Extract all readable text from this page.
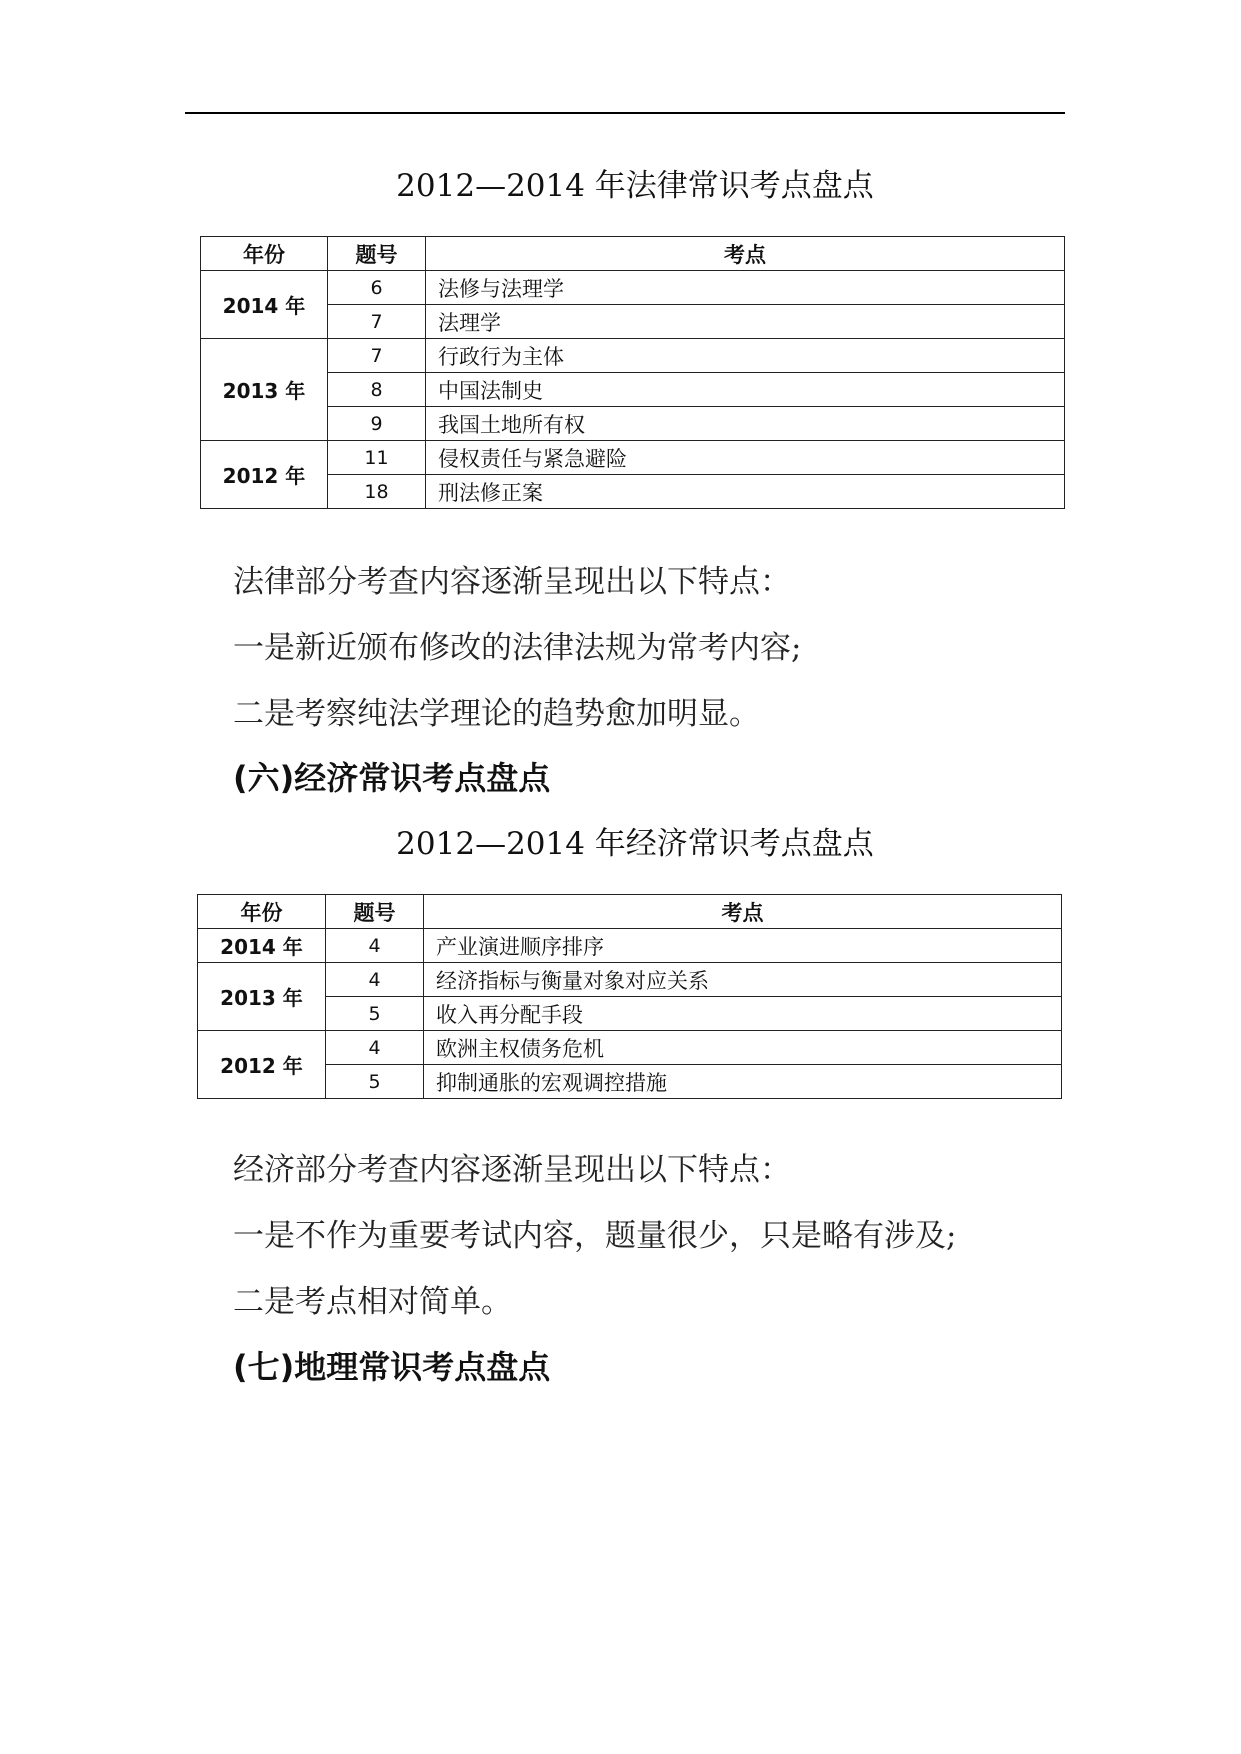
2012—2014 年法律常识考点盘点
年份	题号	考点
2014 年	6	法修与法理学
	7	法理学
2013 年	7	行政行为主体
	8	中国法制史
	9	我国土地所有权
2012 年	11	侵权责任与紧急避险
	18	刑法修正案
法律部分考查内容逐渐呈现出以下特点：
一是新近颁布修改的法律法规为常考内容;
二是考察纯法学理论的趋势愈加明显。
(六)经济常识考点盘点
2012—2014 年经济常识考点盘点
年份	题号	考点
2014 年	4	产业演进顺序排序
2013 年	4	经济指标与衡量对象对应关系
	5	收入再分配手段
2012 年	4	欧洲主权债务危机
	5	抑制通胀的宏观调控措施
经济部分考查内容逐渐呈现出以下特点：
一是不作为重要考试内容，题量很少，只是略有涉及;
二是考点相对简单。
(七)地理常识考点盘点
